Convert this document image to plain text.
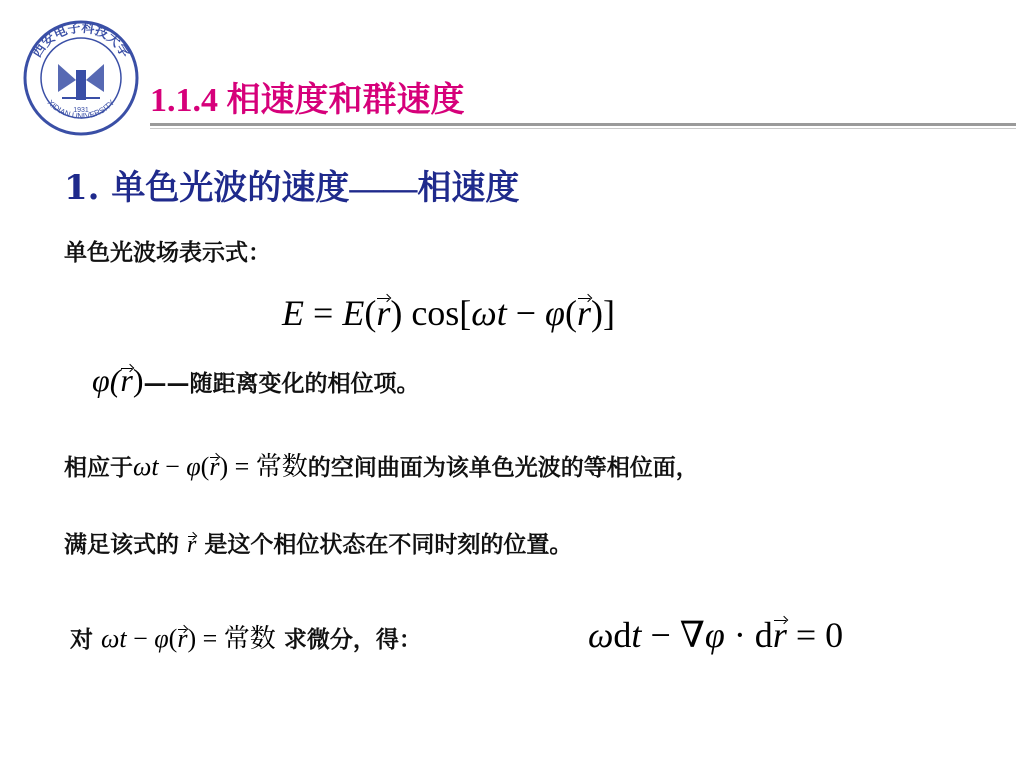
西安电子科技大学
XIDIAN UNIVERSITY
1931 1.1.4 相速度和群速度
1. 单色光波的速度——相速度
单色光波场表示式：
E = E(r) cos[ωt − φ(r)]
φ(r)——随距离变化的相位项。
相应于ωt − φ(r) = 常数的空间曲面为该单色光波的等相位面，
满足该式的 r 是这个相位状态在不同时刻的位置。
对 ωt − φ(r) = 常数 求微分，得：	ωdt − ∇φ · dr = 0
